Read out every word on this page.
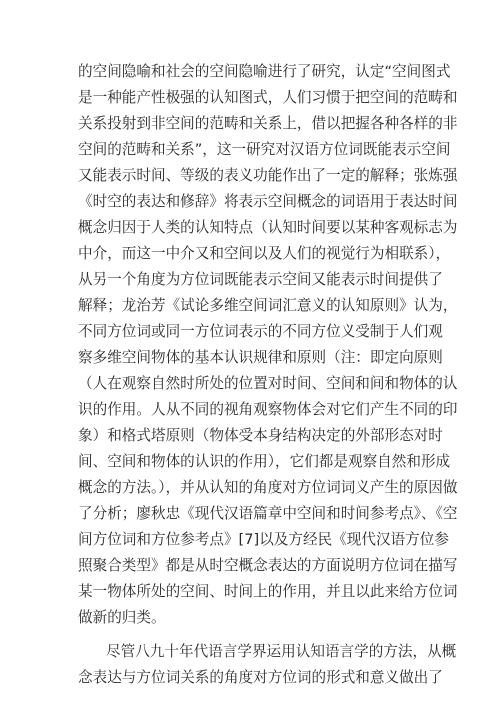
的空间隐喻和社会的空间隐喻进行了研究，认定“空间图式
是一种能产性极强的认知图式，人们习惯于把空间的范畴和
关系投射到非空间的范畴和关系上，借以把握各种各样的非
空间的范畴和关系”，这一研究对汉语方位词既能表示空间
又能表示时间、等级的表义功能作出了一定的解释；张炼强
《时空的表达和修辞》将表示空间概念的词语用于表达时间
概念归因于人类的认知特点（认知时间要以某种客观标志为
中介，而这一中介又和空间以及人们的视觉行为相联系），
从另一个角度为方位词既能表示空间又能表示时间提供了
解释；龙治芳《试论多维空间词汇意义的认知原则》认为，
不同方位词或同一方位词表示的不同方位义受制于人们观
察多维空间物体的基本认识规律和原则（注：即定向原则
（人在观察自然时所处的位置对时间、空间和间和物体的认
识的作用。人从不同的视角观察物体会对它们产生不同的印
象）和格式塔原则（物体受本身结构决定的外部形态对时
间、空间和物体的认识的作用），它们都是观察自然和形成
概念的方法。），并从认知的角度对方位词词义产生的原因做
了分析；廖秋忠《现代汉语篇章中空间和时间参考点》、《空
间方位词和方位参考点》[7]以及方经民《现代汉语方位参
照聚合类型》都是从时空概念表达的方面说明方位词在描写
某一物体所处的空间、时间上的作用，并且以此来给方位词
做新的归类。
尽管八九十年代语言学界运用认知语言学的方法，从概
念表达与方位词关系的角度对方位词的形式和意义做出了
